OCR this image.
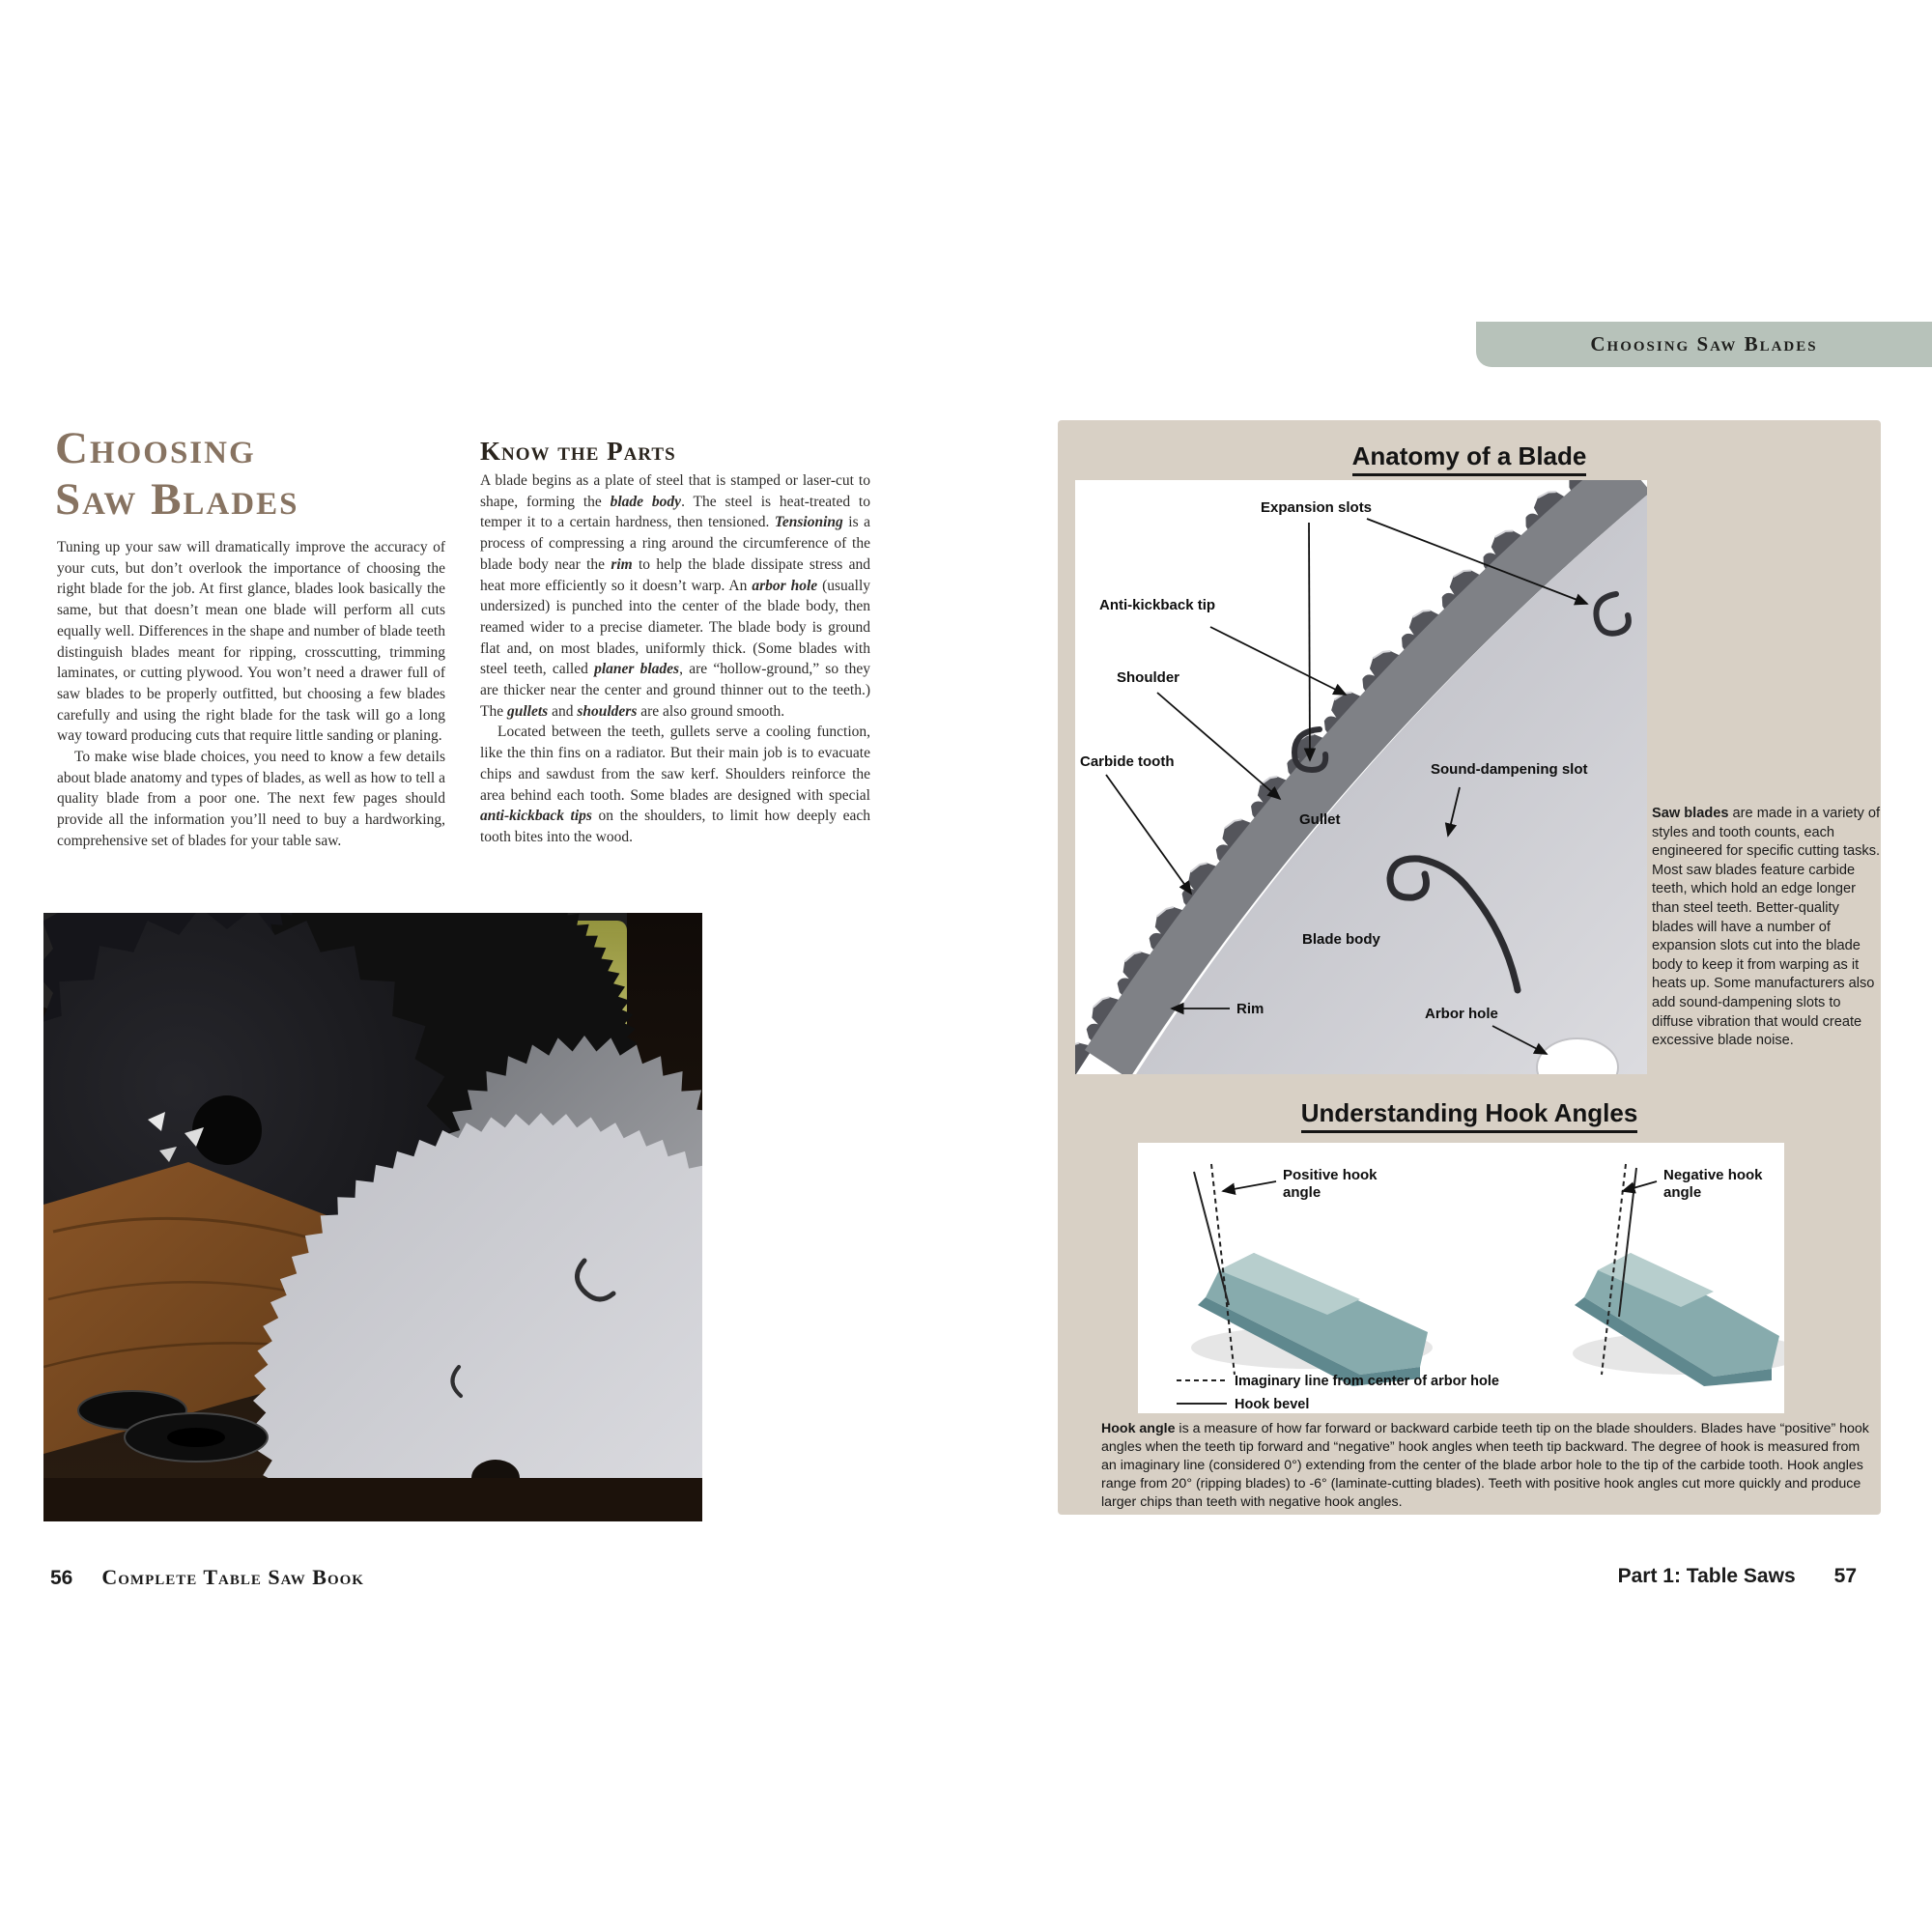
Choosing
Saw Blades

Tuning up your saw will dramatically improve the accuracy of your cuts, but don’t overlook the importance of choosing the right blade for the job. At first glance, blades look basically the same, but that doesn’t mean one blade will perform all cuts equally well. Differences in the shape and number of blade teeth distinguish blades meant for ripping, crosscutting, trimming laminates, or cutting plywood. You won’t need a drawer full of saw blades to be properly outfitted, but choosing a few blades carefully and using the right blade for the task will go a long way toward producing cuts that require little sanding or planing.

To make wise blade choices, you need to know a few details about blade anatomy and types of blades, as well as how to tell a quality blade from a poor one. The next few pages should provide all the information you’ll need to buy a hardworking, comprehensive set of blades for your table saw.

Know the Parts

A blade begins as a plate of steel that is stamped or laser-cut to shape, forming the blade body. The steel is heat-treated to temper it to a certain hardness, then tensioned. Tensioning is a process of compressing a ring around the circumference of the blade body near the rim to help the blade dissipate stress and heat more efficiently so it doesn’t warp. An arbor hole (usually undersized) is punched into the center of the blade body, then reamed wider to a precise diameter. The blade body is ground flat and, on most blades, uniformly thick. (Some blades with steel teeth, called planer blades, are “hollow-ground,” so they are thicker near the center and ground thinner out to the teeth.) The gullets and shoulders are also ground smooth.

Located between the teeth, gullets serve a cooling function, like the thin fins on a radiator. But their main job is to evacuate chips and sawdust from the saw kerf. Shoulders reinforce the area behind each tooth. Some blades are designed with special anti-kickback tips on the shoulders, to limit how deeply each tooth bites into the wood.

Choosing Saw Blades
Anatomy of a Blade
Expansion slots
Anti-kickback tip
Shoulder
Carbide tooth
Gullet
Sound-dampening slot
Blade body
Rim	Arbor hole
Saw blades are made in a variety of styles and tooth counts, each engineered for specific cutting tasks. Most saw blades feature carbide teeth, which hold an edge longer than steel teeth. Better-quality blades will have a number of expansion slots cut into the blade body to keep it from warping as it heats up. Some manufacturers also add sound-dampening slots to diffuse vibration that would create excessive blade noise.
Understanding Hook Angles
Positive hook
angle
Negative hook
angle
Imaginary line from center of arbor hole
Hook bevel
Hook angle is a measure of how far forward or backward carbide teeth tip on the blade shoulders. Blades have “positive” hook angles when the teeth tip forward and “negative” hook angles when teeth tip backward. The degree of hook is measured from an imaginary line (considered 0°) extending from the center of the blade arbor hole to the tip of the carbide tooth. Hook angles range from 20° (ripping blades) to -6° (laminate-cutting blades). Teeth with positive hook angles cut more quickly and produce larger chips than teeth with negative hook angles.
56 Complete Table Saw Book	Part 1: Table Saws 57
